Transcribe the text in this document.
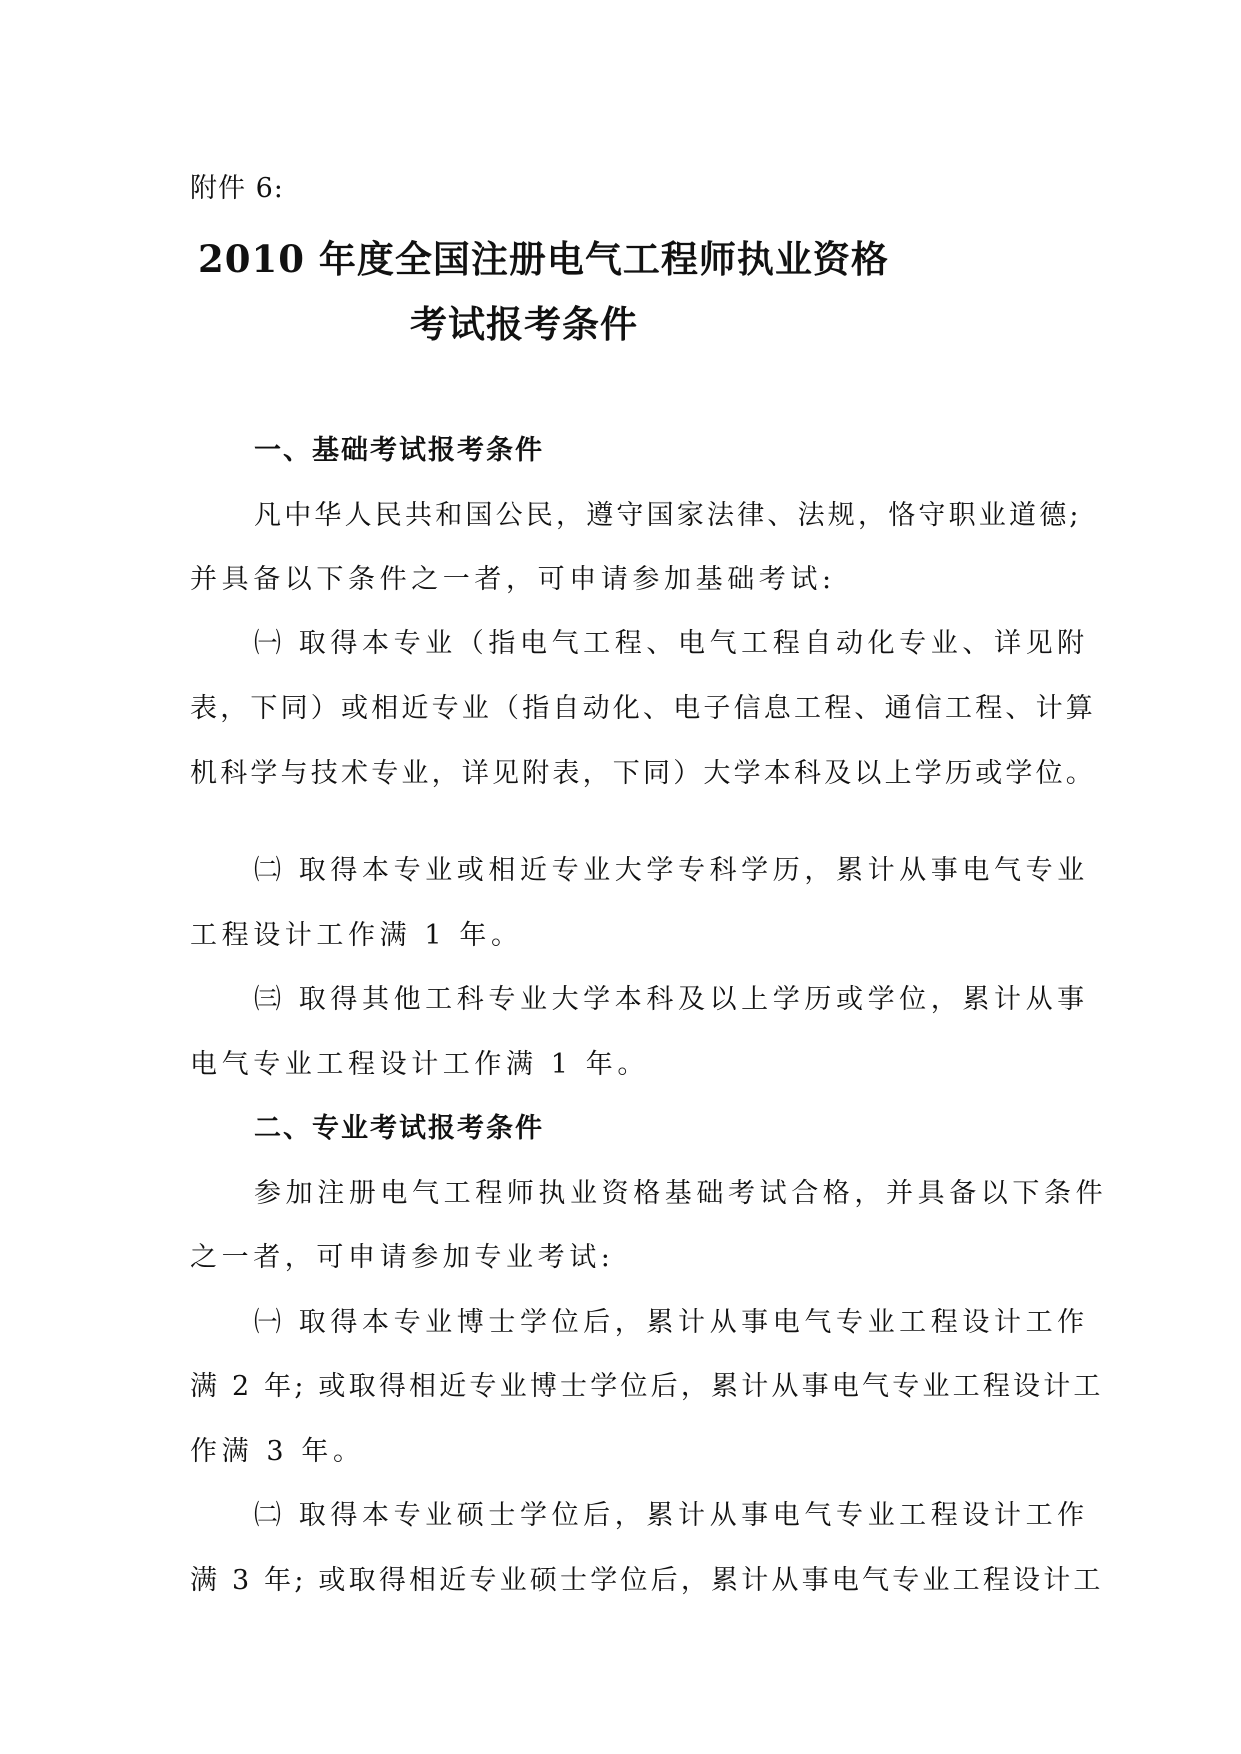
附件 6:
2010 年度全国注册电气工程师执业资格
考试报考条件
一、基础考试报考条件
凡中华人民共和国公民，遵守国家法律、法规，恪守职业道德;
并具备以下条件之一者，可申请参加基础考试:
㈠ 取得本专业（指电气工程、电气工程自动化专业、详见附
表，下同）或相近专业（指自动化、电子信息工程、通信工程、计算
机科学与技术专业，详见附表，下同）大学本科及以上学历或学位。
㈡ 取得本专业或相近专业大学专科学历，累计从事电气专业
工程设计工作满 1 年。
㈢ 取得其他工科专业大学本科及以上学历或学位，累计从事
电气专业工程设计工作满 1 年。
二、专业考试报考条件
参加注册电气工程师执业资格基础考试合格，并具备以下条件
之一者，可申请参加专业考试:
㈠ 取得本专业博士学位后，累计从事电气专业工程设计工作
满 2 年; 或取得相近专业博士学位后，累计从事电气专业工程设计工
作满 3 年。
㈡ 取得本专业硕士学位后，累计从事电气专业工程设计工作
满 3 年; 或取得相近专业硕士学位后，累计从事电气专业工程设计工
